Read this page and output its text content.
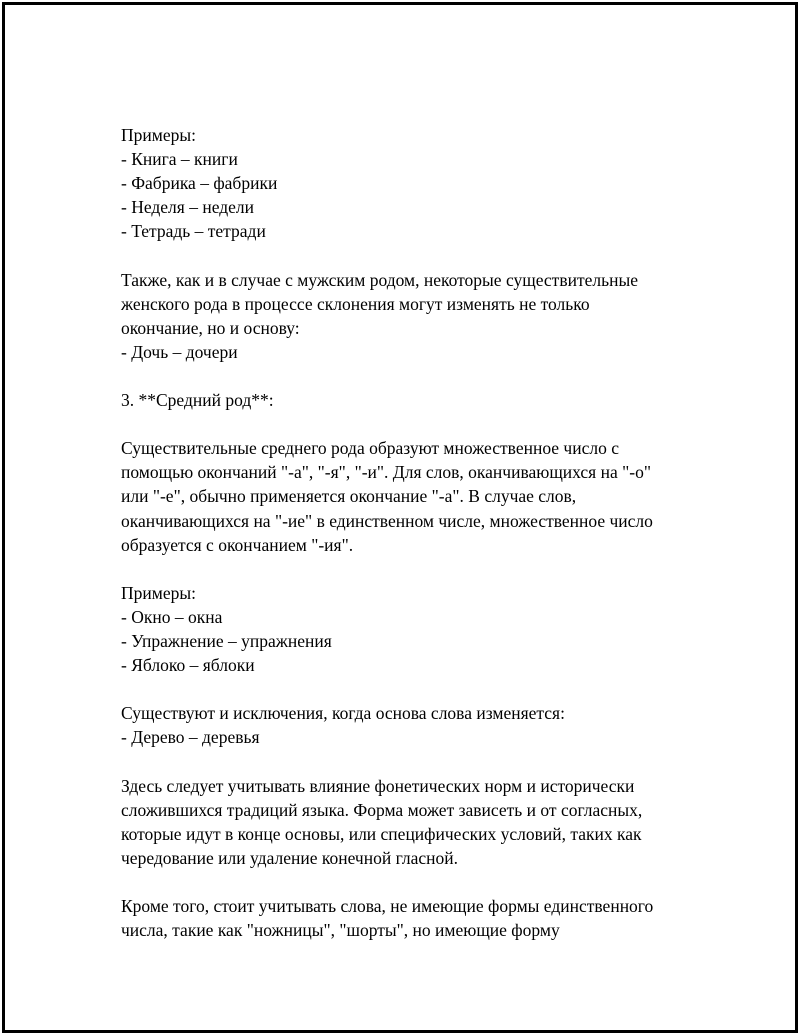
Примеры:
- Книга – книги
- Фабрика – фабрики
- Неделя – недели
- Тетрадь – тетради

Также, как и в случае с мужским родом, некоторые существительные
женского рода в процессе склонения могут изменять не только
окончание, но и основу:
- Дочь – дочери

3. **Средний род**:

Существительные среднего рода образуют множественное число с
помощью окончаний "-а", "-я", "-и". Для слов, оканчивающихся на "-о"
или "-е", обычно применяется окончание "-а". В случае слов,
оканчивающихся на "-ие" в единственном числе, множественное число
образуется с окончанием "-ия".

Примеры:
- Окно – окна
- Упражнение – упражнения
- Яблоко – яблоки

Существуют и исключения, когда основа слова изменяется:
- Дерево – деревья

Здесь следует учитывать влияние фонетических норм и исторически
сложившихся традиций языка. Форма может зависеть и от согласных,
которые идут в конце основы, или специфических условий, таких как
чередование или удаление конечной гласной.

Кроме того, стоит учитывать слова, не имеющие формы единственного
числа, такие как "ножницы", "шорты", но имеющие форму
